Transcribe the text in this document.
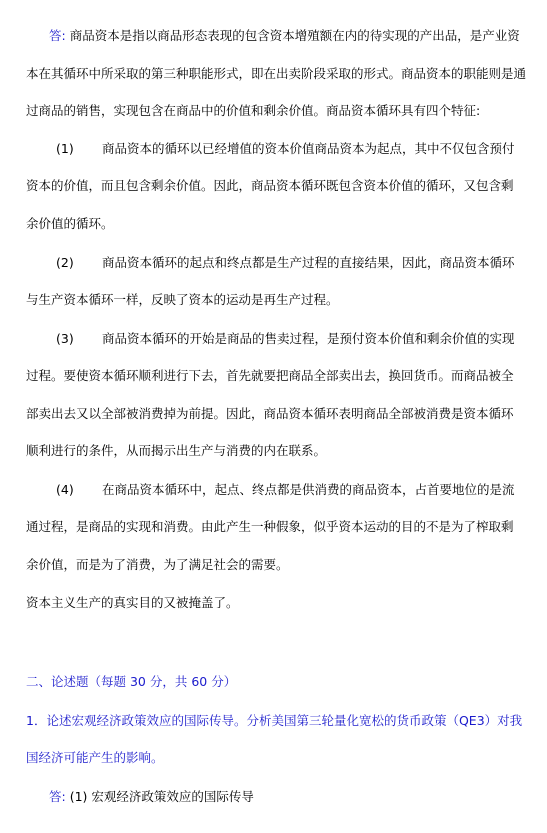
答: 商品资本是指以商品形态表现的包含资本增殖额在内的待实现的产出品，是产业资
本在其循环中所采取的第三种职能形式，即在出卖阶段采取的形式。商品资本的职能则是通
过商品的销售，实现包含在商品中的价值和剩余价值。商品资本循环具有四个特征:
(1) 商品资本的循环以已经增值的资本价值商品资本为起点，其中不仅包含预付
资本的价值，而且包含剩余价值。因此，商品资本循环既包含资本价值的循环，又包含剩
余价值的循环。
(2) 商品资本循环的起点和终点都是生产过程的直接结果，因此，商品资本循环
与生产资本循环一样，反映了资本的运动是再生产过程。
(3) 商品资本循环的开始是商品的售卖过程，是预付资本价值和剩余价值的实现
过程。要使资本循环顺利进行下去，首先就要把商品全部卖出去，换回货币。而商品被全
部卖出去又以全部被消费掉为前提。因此，商品资本循环表明商品全部被消费是资本循环
顺利进行的条件，从而揭示出生产与消费的内在联系。
(4) 在商品资本循环中，起点、终点都是供消费的商品资本，占首要地位的是流
通过程，是商品的实现和消费。由此产生一种假象，似乎资本运动的目的不是为了榨取剩
余价值，而是为了消费，为了满足社会的需要。
资本主义生产的真实目的又被掩盖了。
二、论述题（每题 30 分，共 60 分）
1．论述宏观经济政策效应的国际传导。分析美国第三轮量化宽松的货币政策（QE3）对我
国经济可能产生的影响。
答: (1) 宏观经济政策效应的国际传导
